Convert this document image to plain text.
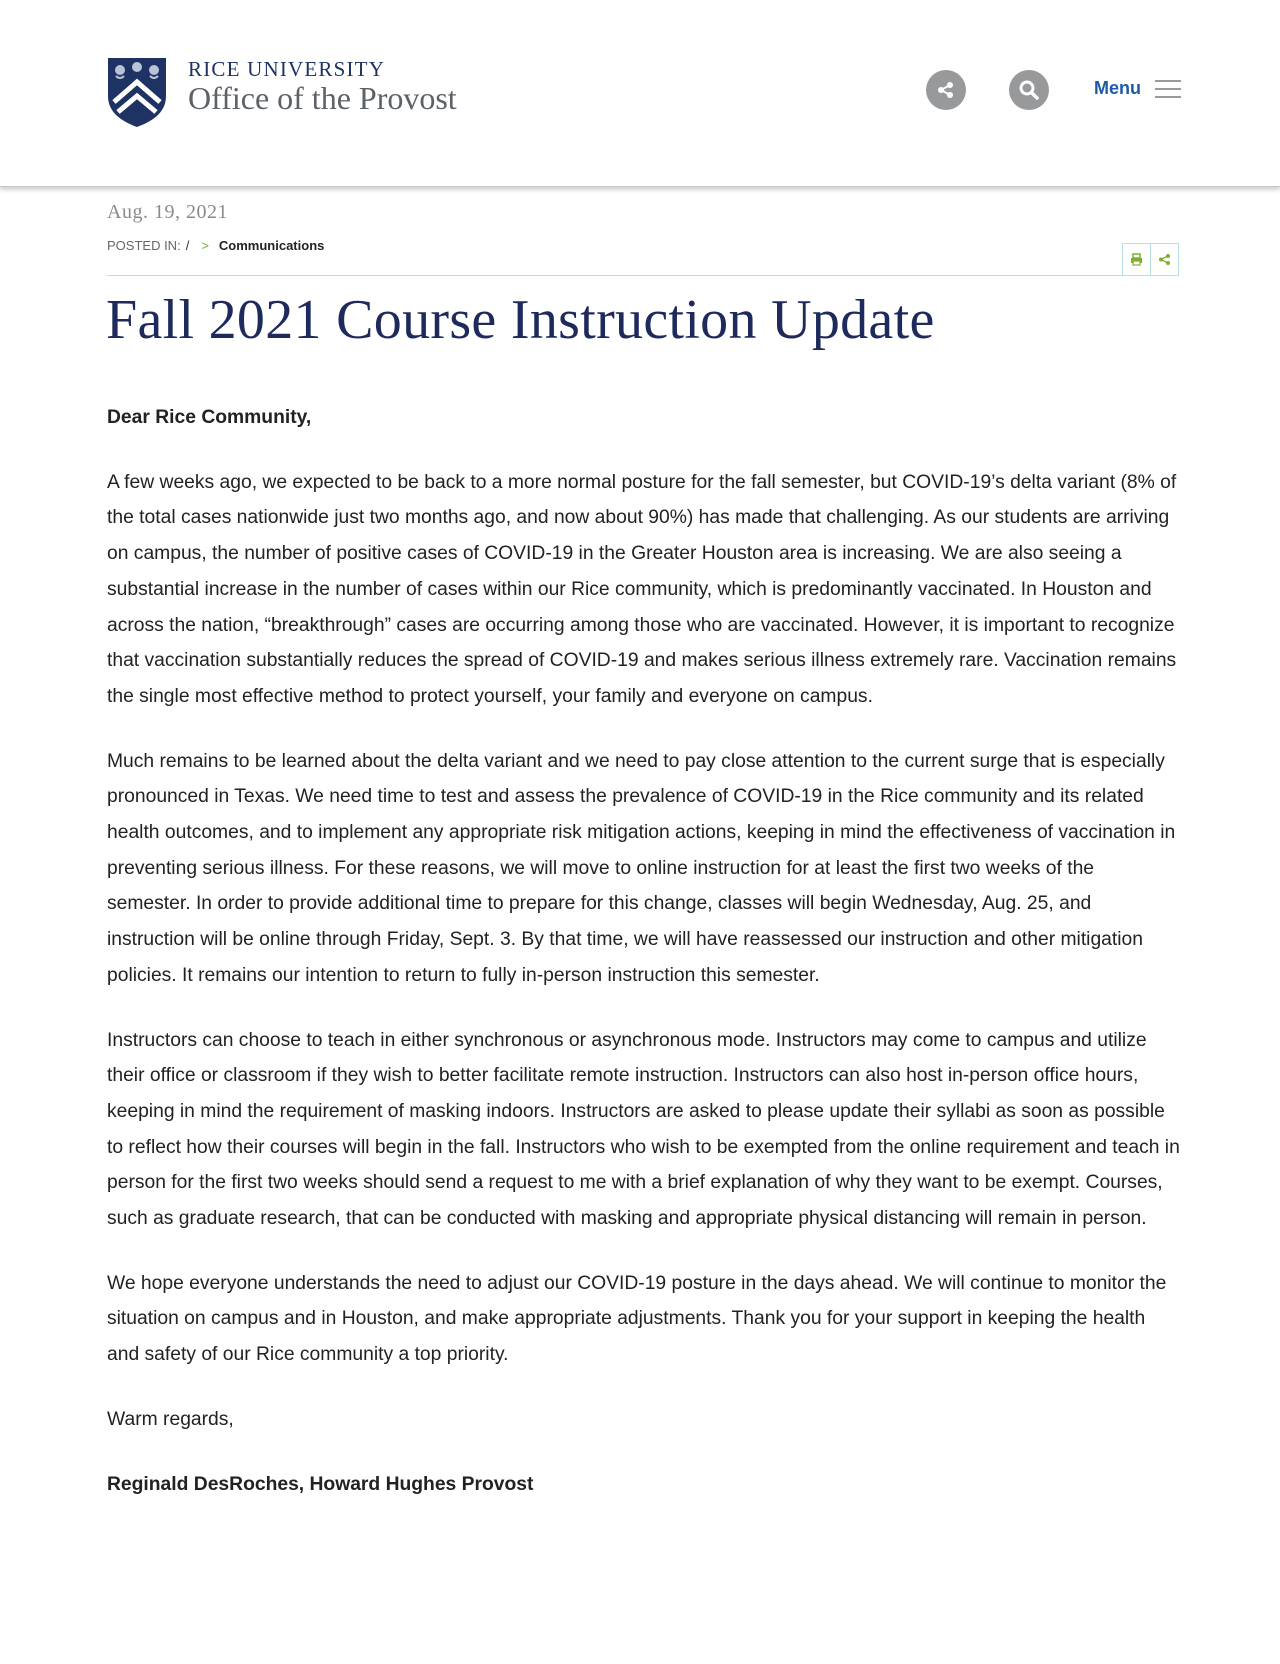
RICE UNIVERSITY
Office of the Provost	Menu
Aug. 19, 2021
POSTED IN: / > Communications
Fall 2021 Course Instruction Update

Dear Rice Community,

A few weeks ago, we expected to be back to a more normal posture for the fall semester, but COVID-19’s delta variant (8% of the total cases nationwide just two months ago, and now about 90%) has made that challenging. As our students are arriving on campus, the number of positive cases of COVID-19 in the Greater Houston area is increasing. We are also seeing a substantial increase in the number of cases within our Rice community, which is predominantly vaccinated. In Houston and across the nation, “breakthrough” cases are occurring among those who are vaccinated. However, it is important to recognize that vaccination substantially reduces the spread of COVID-19 and makes serious illness extremely rare. Vaccination remains the single most effective method to protect yourself, your family and everyone on campus.

Much remains to be learned about the delta variant and we need to pay close attention to the current surge that is especially pronounced in Texas. We need time to test and assess the prevalence of COVID-19 in the Rice community and its related health outcomes, and to implement any appropriate risk mitigation actions, keeping in mind the effectiveness of vaccination in preventing serious illness. For these reasons, we will move to online instruction for at least the first two weeks of the semester. In order to provide additional time to prepare for this change, classes will begin Wednesday, Aug. 25, and instruction will be online through Friday, Sept. 3. By that time, we will have reassessed our instruction and other mitigation policies. It remains our intention to return to fully in-person instruction this semester.

Instructors can choose to teach in either synchronous or asynchronous mode. Instructors may come to campus and utilize their office or classroom if they wish to better facilitate remote instruction. Instructors can also host in-person office hours, keeping in mind the requirement of masking indoors. Instructors are asked to please update their syllabi as soon as possible to reflect how their courses will begin in the fall. Instructors who wish to be exempted from the online requirement and teach in person for the first two weeks should send a request to me with a brief explanation of why they want to be exempt. Courses, such as graduate research, that can be conducted with masking and appropriate physical distancing will remain in person.

We hope everyone understands the need to adjust our COVID-19 posture in the days ahead. We will continue to monitor the situation on campus and in Houston, and make appropriate adjustments. Thank you for your support in keeping the health and safety of our Rice community a top priority.

Warm regards,

Reginald DesRoches, Howard Hughes Provost
